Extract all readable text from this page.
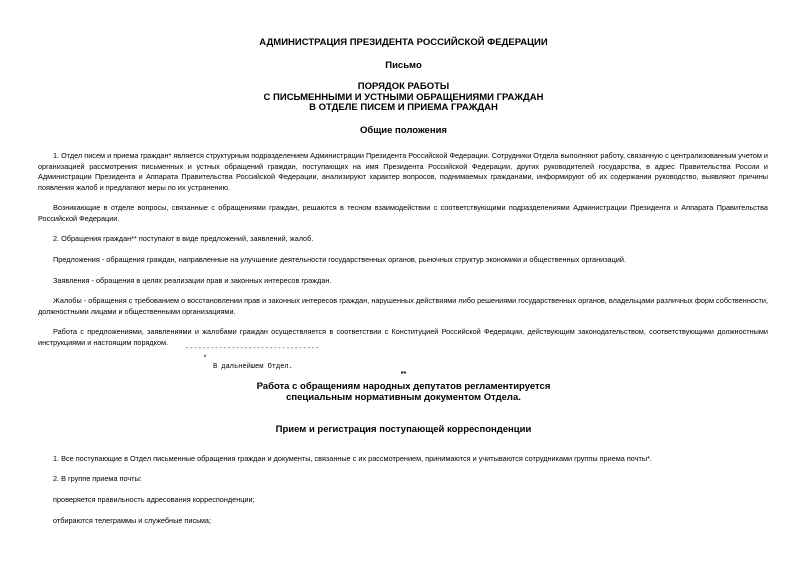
АДМИНИСТРАЦИЯ ПРЕЗИДЕНТА РОССИЙСКОЙ ФЕДЕРАЦИИ
Письмо
ПОРЯДОК РАБОТЫ
С ПИСЬМЕННЫМИ И УСТНЫМИ ОБРАЩЕНИЯМИ ГРАЖДАН
В ОТДЕЛЕ ПИСЕМ И ПРИЕМА ГРАЖДАН
Общие положения
1. Отдел писем и приема граждан* является структурным подразделением Администрации Президента Российской Федерации. Сотрудники Отдела выполняют работу, связанную с централизованным учетом и организацией рассмотрения письменных и устных обращений граждан, поступающих на имя Президента Российской Федерации, других руководителей государства, в адрес Правительства России и Администрации Президента и Аппарата Правительства Российской Федерации, анализируют характер вопросов, поднимаемых гражданами, информируют об их содержании руководство, выявляют причины появления жалоб и предлагают меры по их устранению.
Возникающие в отделе вопросы, связанные с обращениями граждан, решаются в тесном взаимодействии с соответствующими подразделениями Администрации Президента и Аппарата Правительства Российской Федерации.
2. Обращения граждан** поступают в виде предложений, заявлений, жалоб.
Предложения - обращения граждан, направленные на улучшение деятельности государственных органов, рыночных структур экономики и общественных организаций.
Заявления - обращения в целях реализации прав и законных интересов граждан.
Жалобы - обращения с требованием о восстановлении прав и законных интересов граждан, нарушенных действиями либо решениями государственных органов, владельцами различных форм собственности, должностными лицами и общественными организациями.
Работа с предложениями, заявлениями и жалобами граждан осуществляется в соответствии с Конституцией Российской Федерации, действующим законодательством, соответствующими должностными инструкциями и настоящим порядком.
--------------------------------
*
В дальнейшем Отдел.
**
Работа с обращениям народных депутатов регламентируется
специальным нормативным документом Отдела.
Прием и регистрация поступающей корреспонденции
1. Все поступающие в Отдел письменные обращения граждан и документы, связанные с их рассмотрением, принимаются и учитываются сотрудниками группы приема почты*.
2. В группе приема почты:
проверяется правильность адресования корреспонденции;
отбираются телеграммы и служебные письма;
